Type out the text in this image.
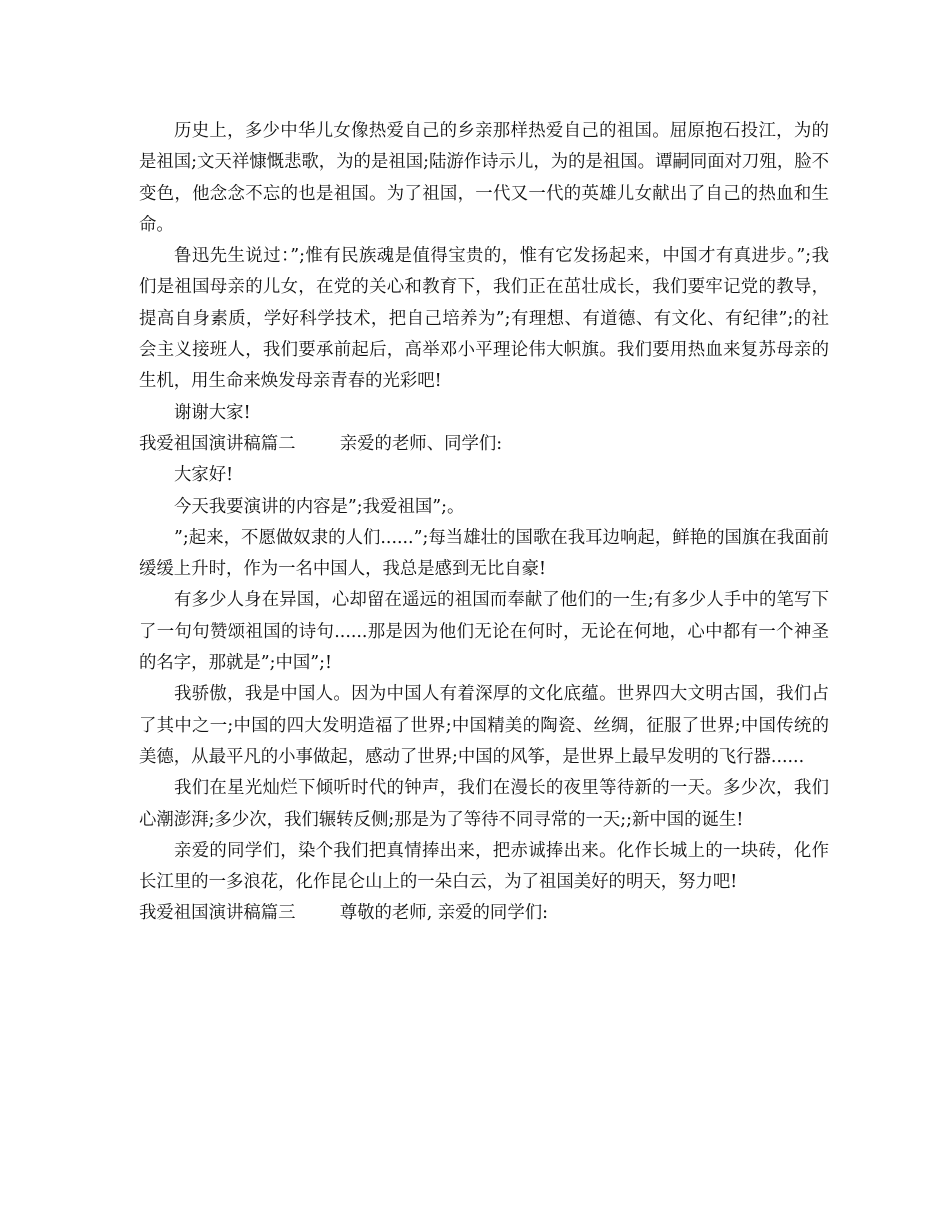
历史上，多少中华儿女像热爱自己的乡亲那样热爱自己的祖国。屈原抱石投江，为的是祖国;文天祥慷慨悲歌，为的是祖国;陆游作诗示儿，为的是祖国。谭嗣同面对刀殂，脸不变色，他念念不忘的也是祖国。为了祖国，一代又一代的英雄儿女献出了自己的热血和生命。

鲁迅先生说过：”;惟有民族魂是值得宝贵的，惟有它发扬起来，中国才有真进步。”;我们是祖国母亲的儿女，在党的关心和教育下，我们正在茁壮成长，我们要牢记党的教导，提高自身素质，学好科学技术，把自己培养为”;有理想、有道德、有文化、有纪律”;的社会主义接班人，我们要承前起后，高举邓小平理论伟大帜旗。我们要用热血来复苏母亲的生机，用生命来焕发母亲青春的光彩吧!

谢谢大家!

我爱祖国演讲稿篇二        亲爱的老师、同学们:

大家好!

今天我要演讲的内容是”;我爱祖国”;。

”;起来，不愿做奴隶的人们......”;每当雄壮的国歌在我耳边响起，鲜艳的国旗在我面前缓缓上升时，作为一名中国人，我总是感到无比自豪!

有多少人身在异国，心却留在遥远的祖国而奉献了他们的一生;有多少人手中的笔写下了一句句赞颂祖国的诗句......那是因为他们无论在何时，无论在何地，心中都有一个神圣的名字，那就是”;中国”;!

我骄傲，我是中国人。因为中国人有着深厚的文化底蕴。世界四大文明古国，我们占了其中之一;中国的四大发明造福了世界;中国精美的陶瓷、丝绸，征服了世界;中国传统的美德，从最平凡的小事做起，感动了世界;中国的风筝，是世界上最早发明的飞行器......

我们在星光灿烂下倾听时代的钟声，我们在漫长的夜里等待新的一天。多少次，我们心潮澎湃;多少次，我们辗转反侧;那是为了等待不同寻常的一天;;新中国的诞生!

亲爱的同学们，染个我们把真情捧出来，把赤诚捧出来。化作长城上的一块砖，化作长江里的一多浪花，化作昆仑山上的一朵白云，为了祖国美好的明天，努力吧!

我爱祖国演讲稿篇三        尊敬的老师, 亲爱的同学们:
